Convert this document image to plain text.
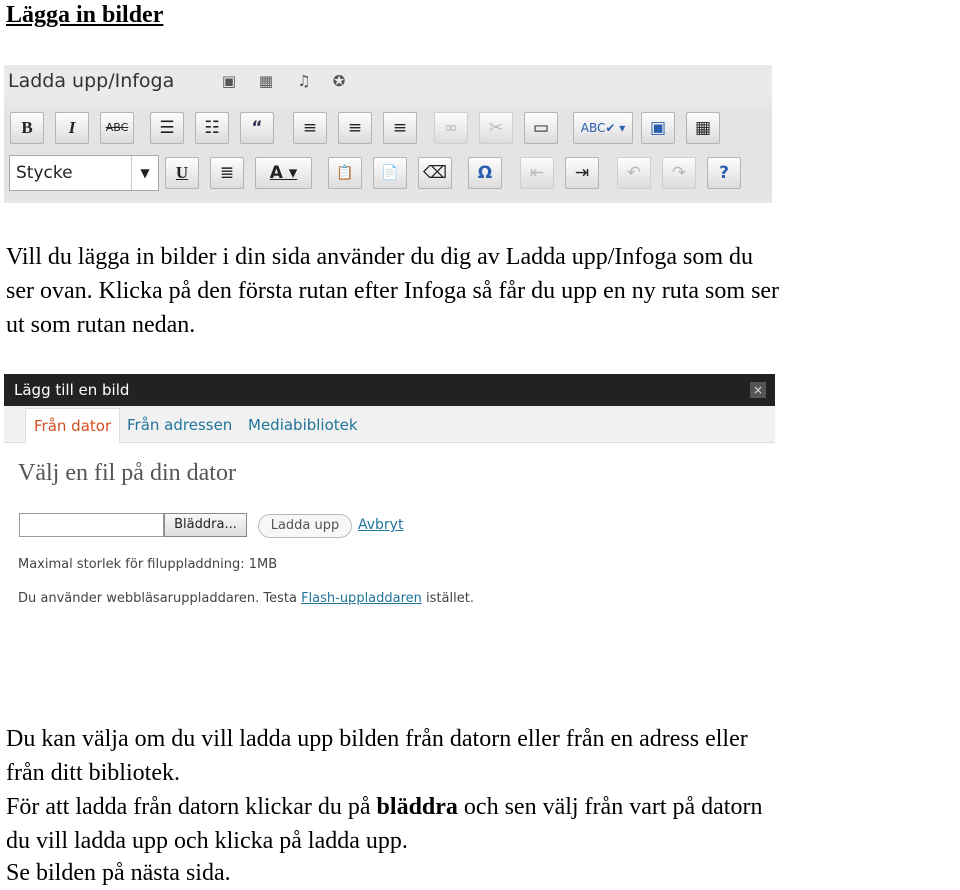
Lägga in bilder
Ladda upp/Infoga	▣ ▦ ♫ ✪
B	I	ABC	☰	☷	“	≡	≡	≡	∞	✂	▭	ABC✔ ▾	▣	▦
Stycke	▼	U	≣	A ▾	📋	📄	⌫	Ω	⇤	⇥	↶	↷	?
Vill du lägga in bilder i din sida använder du dig av Ladda upp/Infoga som du
ser ovan. Klicka på den första rutan efter Infoga så får du upp en ny ruta som ser
ut som rutan nedan.
Lägg till en bild	×
Från dator	Från adressen Mediabibliotek
Välj en fil på din dator
Bläddra...	Ladda upp	Avbryt
Maximal storlek för filuppladdning: 1MB
Du använder webbläsaruppladdaren. Testa Flash-uppladdaren istället.
Du kan välja om du vill ladda upp bilden från datorn eller från en adress eller
från ditt bibliotek.
För att ladda från datorn klickar du på bläddra och sen välj från vart på datorn
du vill ladda upp och klicka på ladda upp.
Se bilden på nästa sida.
